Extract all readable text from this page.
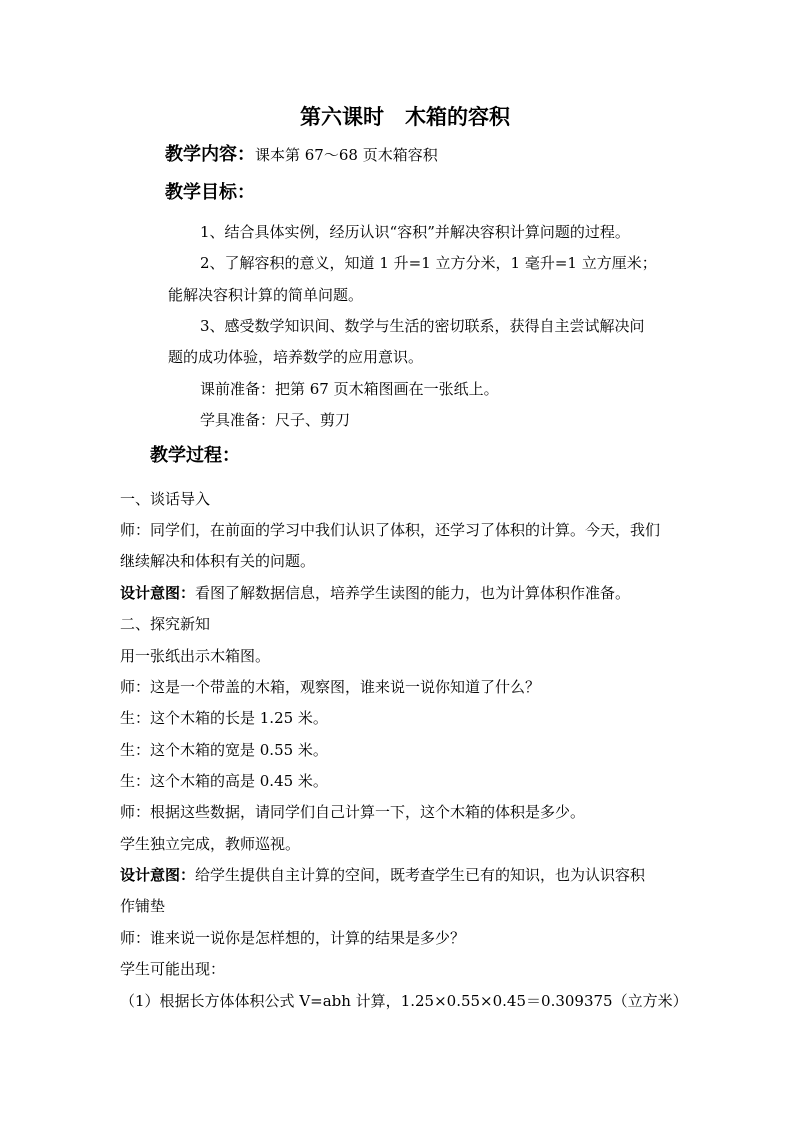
第六课时　木箱的容积
教学内容：课本第 67～68 页木箱容积
教学目标：
1、结合具体实例，经历认识“容积”并解决容积计算问题的过程。
2、了解容积的意义，知道 1 升=1 立方分米，1 毫升=1 立方厘米；
能解决容积计算的简单问题。
3、感受数学知识间、数学与生活的密切联系，获得自主尝试解决问
题的成功体验，培养数学的应用意识。
课前准备：把第 67 页木箱图画在一张纸上。
学具准备：尺子、剪刀
教学过程：
一、谈话导入
师：同学们，在前面的学习中我们认识了体积，还学习了体积的计算。今天，我们
继续解决和体积有关的问题。
设计意图：看图了解数据信息，培养学生读图的能力，也为计算体积作准备。
二、探究新知
用一张纸出示木箱图。
师：这是一个带盖的木箱，观察图，谁来说一说你知道了什么？
生：这个木箱的长是 1.25 米。
生：这个木箱的宽是 0.55 米。
生：这个木箱的高是 0.45 米。
师：根据这些数据，请同学们自己计算一下，这个木箱的体积是多少。
学生独立完成，教师巡视。
设计意图：给学生提供自主计算的空间，既考查学生已有的知识，也为认识容积
作铺垫
师：谁来说一说你是怎样想的，计算的结果是多少？
学生可能出现：
（1）根据长方体体积公式 V=abh 计算，1.25×0.55×0.45＝0.309375（立方米）
